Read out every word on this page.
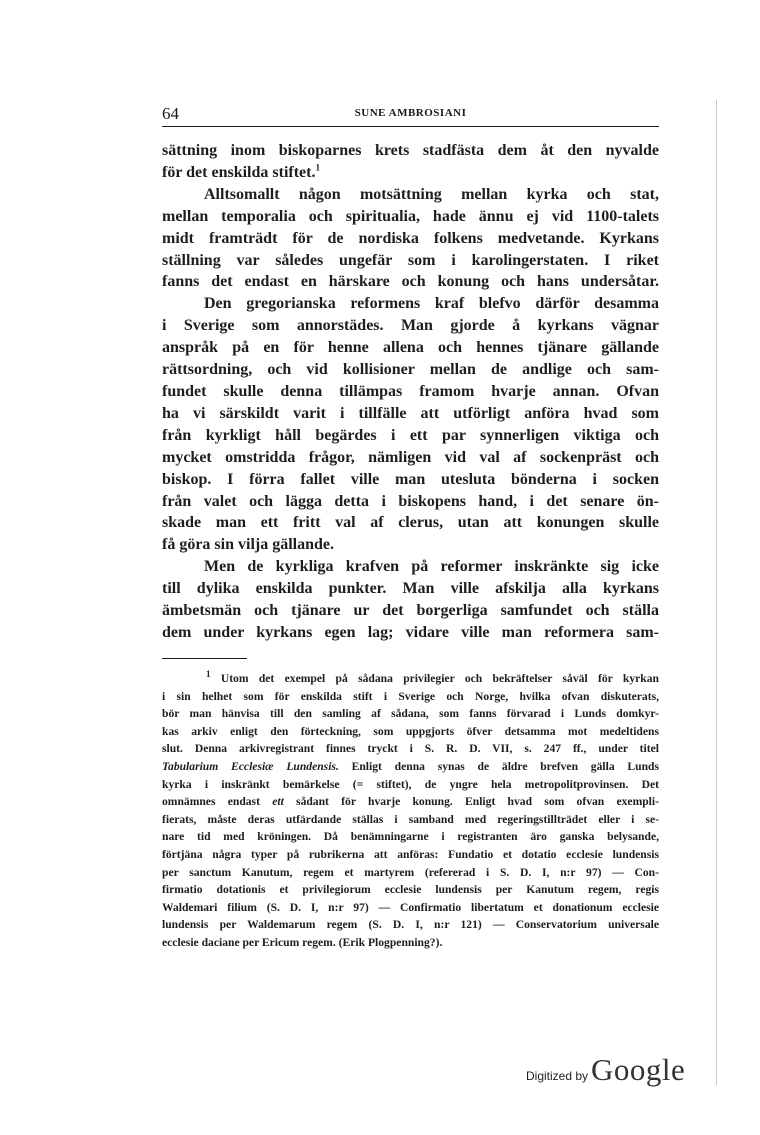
64	SUNE AMBROSIANI
sättning inom biskoparnes krets stadfästa dem åt den nyvalde
för det enskilda stiftet.$^1$
Alltsomallt någon motsättning mellan kyrka och stat,
mellan temporalia och spiritualia, hade ännu ej vid 1100-talets
midt framträdt för de nordiska folkens medvetande. Kyrkans
ställning var således ungefär som i karolingerstaten. I riket
fanns det endast en härskare och konung och hans undersåtar.
Den gregorianska reformens kraf blefvo därför desamma
i Sverige som annorstädes. Man gjorde å kyrkans vägnar
anspråk på en för henne allena och hennes tjänare gällande
rättsordning, och vid kollisioner mellan de andlige och sam-
fundet skulle denna tillämpas framom hvarje annan. Ofvan
ha vi särskildt varit i tillfälle att utförligt anföra hvad som
från kyrkligt håll begärdes i ett par synnerligen viktiga och
mycket omstridda frågor, nämligen vid val af sockenpräst och
biskop. I förra fallet ville man utesluta bönderna i socken
från valet och lägga detta i biskopens hand, i det senare ön-
skade man ett fritt val af clerus, utan att konungen skulle
få göra sin vilja gällande.
Men de kyrkliga krafven på reformer inskränkte sig icke
till dylika enskilda punkter. Man ville afskilja alla kyrkans
ämbetsmän och tjänare ur det borgerliga samfundet och ställa
dem under kyrkans egen lag; vidare ville man reformera sam-
$^1$ Utom det exempel på sådana privilegier och bekräftelser såväl för kyrkan
i sin helhet som för enskilda stift i Sverige och Norge, hvilka ofvan diskuterats,
bör man hänvisa till den samling af sådana, som fanns förvarad i Lunds domkyr-
kas arkiv enligt den förteckning, som uppgjorts öfver detsamma mot medeltidens
slut. Denna arkivregistrant finnes tryckt i S. R. D. VII, s. 247 ff., under titel
Tabularium Ecclesiæ Lundensis. Enligt denna synas de äldre brefven gälla Lunds
kyrka i inskränkt bemärkelse (= stiftet), de yngre hela metropolitprovinsen. Det
omnämnes endast ett sådant för hvarje konung. Enligt hvad som ofvan exempli-
fierats, måste deras utfärdande ställas i samband med regeringstillträdet eller i se-
nare tid med kröningen. Då benämningarne i registranten äro ganska belysande,
förtjäna några typer på rubrikerna att anföras: Fundatio et dotatio ecclesie lundensis
per sanctum Kanutum, regem et martyrem (refererad i S. D. I, n:r 97) — Con-
firmatio dotationis et privilegiorum ecclesie lundensis per Kanutum regem, regis
Waldemari filium (S. D. I, n:r 97) — Confirmatio libertatum et donationum ecclesie
lundensis per Waldemarum regem (S. D. I, n:r 121) — Conservatorium universale
ecclesie daciane per Ericum regem. (Erik Plogpenning?).
Digitized by Google
